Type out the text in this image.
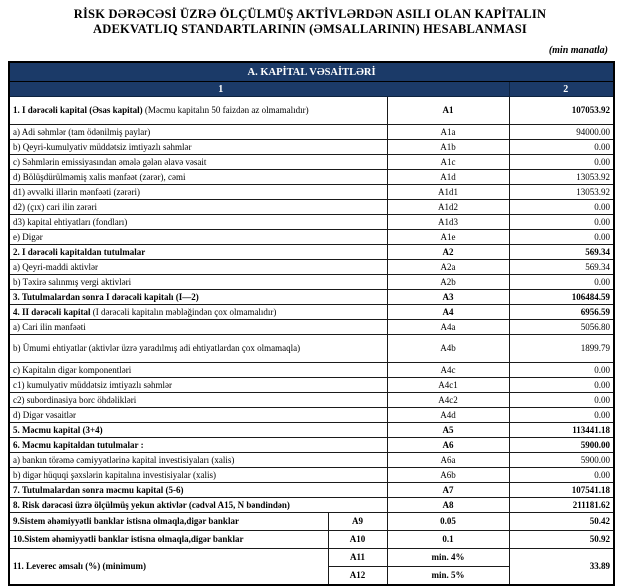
RİSK DƏRƏCƏSİ ÜZRƏ ÖLÇÜLMÜŞ AKTİVLƏRDƏN ASILI OLAN KAPİTALIN
ADEKVATLIQ STANDARTLARININ (ƏMSALLARININ) HESABLANMASI
(min manatla)
A. KAPİTAL VƏSAİTLƏRİ			
1			2
1. I dərəcəli kapital (Əsas kapital) (Məcmu kapitalın 50 faizdən az olmamalıdır)		A1	107053.92
a) Adi səhmlər (tam ödənilmiş paylar)		A1a	94000.00
b) Qeyri-kumulyativ müddətsiz imtiyazlı səhmlər		A1b	0.00
c) Səhmlərin emissiyasından əmələ gələn əlavə vəsait		A1c	0.00
d) Bölüşdürülməmiş xalis mənfəət (zərər), cəmi		A1d	13053.92
d1) əvvəlki illərin mənfəəti (zərəri)		A1d1	13053.92
d2) (çıx) cari ilin zərəri		A1d2	0.00
d3) kapital ehtiyatları (fondları)		A1d3	0.00
e) Digər		A1e	0.00
2. I dərəcəli kapitaldan tutulmalar		A2	569.34
a) Qeyri-maddi aktivlər		A2a	569.34
b) Təxirə salınmış vergi aktivləri		A2b	0.00
3. Tutulmalardan sonra I dərəcəli kapitalı (I—2)		A3	106484.59
4. II dərəcəli kapital (I dərəcəli kapitalın məbləğindən çox olmamalıdır)		A4	6956.59
a) Cari ilin mənfəəti		A4a	5056.80
b) Ümumi ehtiyatlar (aktivlər üzrə yaradılmış adi ehtiyatlardan çox olmamaqla)		A4b	1899.79
c) Kapitalın digər komponentləri		A4c	0.00
c1) kumulyativ müddətsiz imtiyazlı səhmlər		A4c1	0.00
c2) subordinasiya borc öhdəlikləri		A4c2	0.00
d) Digər vəsaitlər		A4d	0.00
5. Məcmu kapital (3+4)		A5	113441.18
6. Məcmu kapitaldan tutulmalar :		A6	5900.00
a) bankın törəmə cəmiyyətlərinə kapital investisiyaları (xalis)		A6a	5900.00
b) digər hüquqi şəxslərin kapitalına investisiyalar (xalis)		A6b	0.00
7. Tutulmalardan sonra məcmu kapital (5-6)		A7	107541.18
8. Risk dərəcəsi üzrə ölçülmüş yekun aktivlər (cədvəl A15, N bəndindən)		A8	211181.62
9.Sistem əhəmiyyətli banklar istisna olmaqla,digər banklar	A9	0.05	50.42
10.Sistem əhəmiyyətli banklar istisna olmaqla,digər banklar	A10	0.1	50.92
11. Leverec əmsalı (%) (minimum)	A11	min. 4%	33.89
	A12	min. 5%	
